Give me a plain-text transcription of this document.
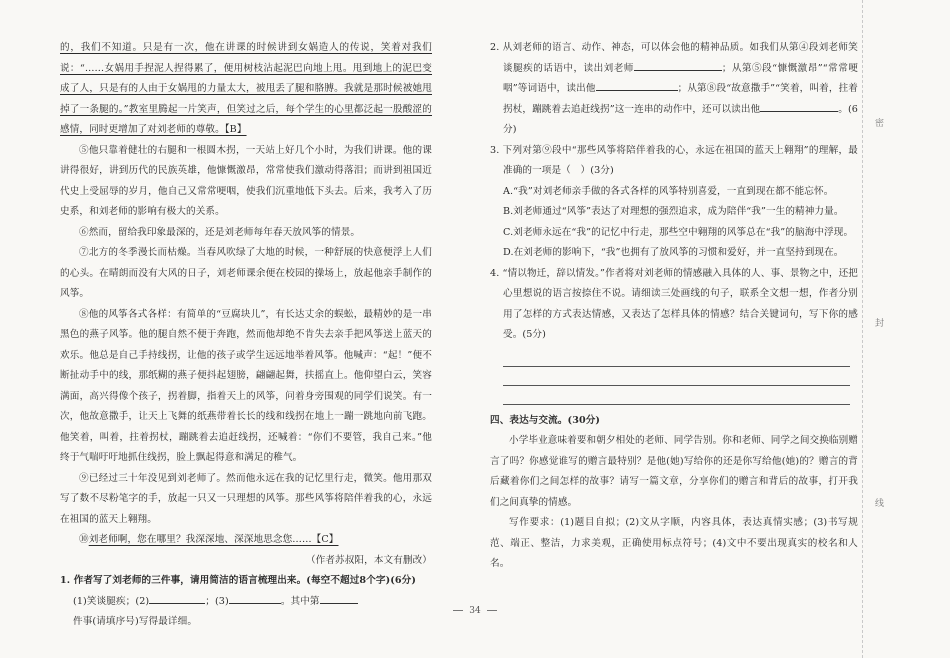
的，我们不知道。只是有一次，他在讲课的时候讲到女娲造人的传说，笑着对我们说：“……女娲用手捏泥人捏得累了，便用树枝沾起泥巴向地上甩。甩到地上的泥巴变成了人，只是有的人由于女娲甩的力量太大，被甩丢了腿和胳膊。我就是那时候被她甩掉了一条腿的。”教室里腾起一片笑声，但笑过之后，每个学生的心里都泛起一股酸涩的感情，同时更增加了对刘老师的尊敬。【B】

⑤他只靠着健壮的右腿和一根圆木拐，一天站上好几个小时，为我们讲课。他的课讲得很好，讲到历代的民族英雄，他慷慨激昂，常常使我们激动得落泪；而讲到祖国近代史上受屈辱的岁月，他自己又常常哽咽，使我们沉重地低下头去。后来，我考入了历史系，和刘老师的影响有极大的关系。

⑥然而，留给我印象最深的，还是刘老师每年春天放风筝的情景。

⑦北方的冬季漫长而枯燥。当春风吹绿了大地的时候，一种舒展的快意便浮上人们的心头。在晴朗而没有大风的日子，刘老师课余便在校园的操场上，放起他亲手制作的风筝。

⑧他的风筝各式各样：有简单的“豆腐块儿”，有长达丈余的蜈蚣，最精妙的是一串黑色的燕子风筝。他的腿自然不便于奔跑，然而他却绝不肯失去亲手把风筝送上蓝天的欢乐。他总是自己手持线拐，让他的孩子或学生远远地举着风筝。他喊声：“起！”便不断扯动手中的线，那纸糊的燕子便抖起翅膀，翩翩起舞，扶摇直上。他仰望白云，笑容满面，高兴得像个孩子，拐着脚，指着天上的风筝，问着身旁围观的同学们说笑。有一次，他故意撒手，让天上飞舞的纸燕带着长长的线和线拐在地上一蹦一跳地向前飞跑。他笑着，叫着，拄着拐杖，蹦跳着去追赶线拐，还喊着：“你们不要管，我自己来。”他终于气喘吁吁地抓住线拐，脸上飘起得意和满足的稚气。

⑨已经过三十年没见到刘老师了。然而他永远在我的记忆里行走，微笑。他用那双写了数不尽粉笔字的手，放起一只又一只理想的风筝。那些风筝将陪伴着我的心，永远在祖国的蓝天上翱翔。

⑩刘老师啊，您在哪里？我深深地、深深地思念您……【C】

（作者苏叔阳，本文有删改）

1. 作者写了刘老师的三件事，请用简洁的语言梳理出来。(每空不超过8个字)(6分)

(1)笑谈腿疾；(2)	；(3)	。其中第

件事(请填序号)写得最详细。

2. 从刘老师的语言、动作、神态，可以体会他的精神品质。如我们从第④段刘老师笑谈腿疾的话语中，读出刘老师	；从第⑤段“慷慨激昂”“常常哽咽”等词语中，读出他	；从第⑧段“故意撒手”“笑着，叫着，拄着拐杖，蹦跳着去追赶线拐”这一连串的动作中，还可以读出他	。(6分)

3. 下列对第⑨段中“那些风筝将陪伴着我的心，永远在祖国的蓝天上翱翔”的理解，最准确的一项是（　）(3分)

A.“我”对刘老师亲手做的各式各样的风筝特别喜爱，一直到现在都不能忘怀。

B.刘老师通过“风筝”表达了对理想的强烈追求，成为陪伴“我”一生的精神力量。

C.刘老师永远在“我”的记忆中行走，那些空中翱翔的风筝总在“我”的脑海中浮现。

D.在刘老师的影响下，“我”也拥有了放风筝的习惯和爱好，并一直坚持到现在。

4. “情以物迁，辞以情发。”作者将对刘老师的情感融入具体的人、事、景物之中，还把心里想说的语言按捺住不说。请细读三处画线的句子，联系全文想一想，作者分别用了怎样的方式表达情感，又表达了怎样具体的情感？结合关键词句，写下你的感受。(5分)

四、表达与交流。(30分)

小学毕业意味着要和朝夕相处的老师、同学告别。你和老师、同学之间交换临别赠言了吗？你感觉谁写的赠言最特别？是他(她)写给你的还是你写给他(她)的？赠言的背后藏着你们之间怎样的故事？请写一篇文章，分享你们的赠言和背后的故事，打开我们之间真挚的情感。

写作要求：(1)题目自拟；(2)文从字顺，内容具体，表达真情实感；(3)书写规范、端正、整洁，力求美观，正确使用标点符号；(4)文中不要出现真实的校名和人名。

密
封
线
34
